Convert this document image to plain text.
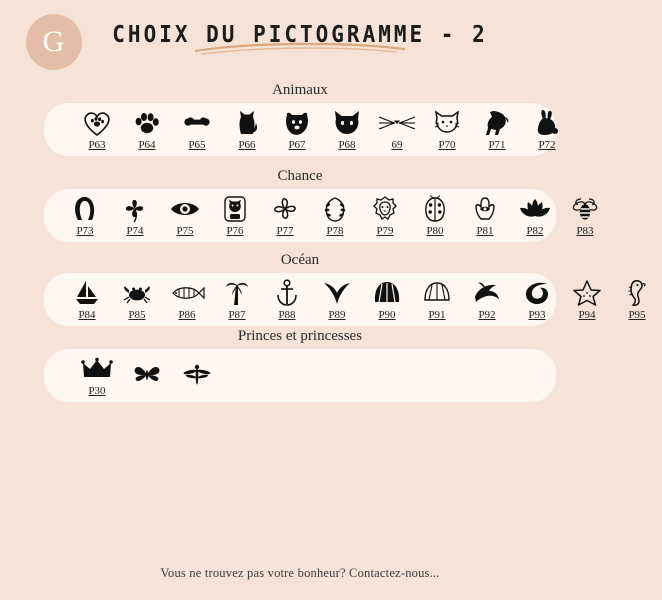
G	CHOIX DU PICTOGRAMME - 2
Animaux
P63	P64	P65	P66	P67	P68	69	P70	P71	P72
Chance
P73	P74	P75	P76	P77	P78	P79	P80	P81	P82	P83
Océan
P84	P85	P86	P87	P88	P89	P90	P91	P92	P93	P94	P95
Princes et princesses
P30
Vous ne trouvez pas votre bonheur? Contactez-nous...
